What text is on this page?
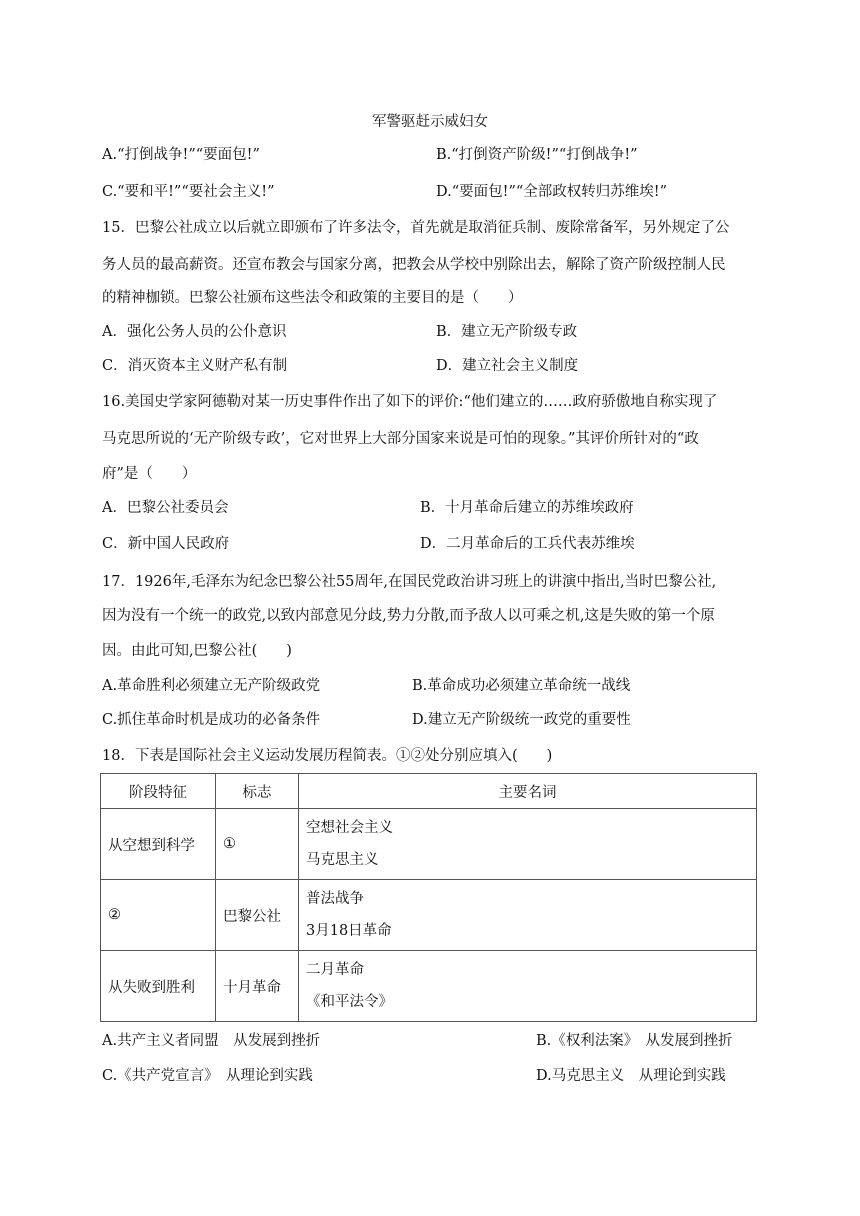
军警驱赶示威妇女
A.“打倒战争!”“要面包!”	B.“打倒资产阶级!”“打倒战争!”
C.“要和平!”“要社会主义!”	D.“要面包!”“全部政权转归苏维埃!”
15．巴黎公社成立以后就立即颁布了许多法令，首先就是取消征兵制、废除常备军，另外规定了公
务人员的最高薪资。还宣布教会与国家分离，把教会从学校中别除出去，解除了资产阶级控制人民
的精神枷锁。巴黎公社颁布这些法令和政策的主要目的是（　　）
A．强化公务人员的公仆意识	B．建立无产阶级专政
C．消灭资本主义财产私有制	D．建立社会主义制度
16.美国史学家阿德勒对某一历史事件作出了如下的评价:“他们建立的……政府骄傲地自称实现了
马克思所说的‘无产阶级专政’，它对世界上大部分国家来说是可怕的现象。”其评价所针对的“政
府”是（　　）
A．巴黎公社委员会	B．十月革命后建立的苏维埃政府
C．新中国人民政府	D．二月革命后的工兵代表苏维埃
17．1926年,毛泽东为纪念巴黎公社55周年,在国民党政治讲习班上的讲演中指出,当时巴黎公社,
因为没有一个统一的政党,以致内部意见分歧,势力分散,而予敌人以可乘之机,这是失败的第一个原
因。由此可知,巴黎公社(　　)
A.革命胜利必须建立无产阶级政党	B.革命成功必须建立革命统一战线
C.抓住革命时机是成功的必备条件	D.建立无产阶级统一政党的重要性
18．下表是国际社会主义运动发展历程简表。①②处分别应填入(　　)
阶段特征	标志	主要名词
从空想到科学	①	空想社会主义
马克思主义

②	巴黎公社	普法战争
3月18日革命

从失败到胜利	十月革命	二月革命
《和平法令》
A.共产主义者同盟　从发展到挫折	B.《权利法案》　从发展到挫折
C.《共产党宣言》　从理论到实践	D.马克思主义　从理论到实践
